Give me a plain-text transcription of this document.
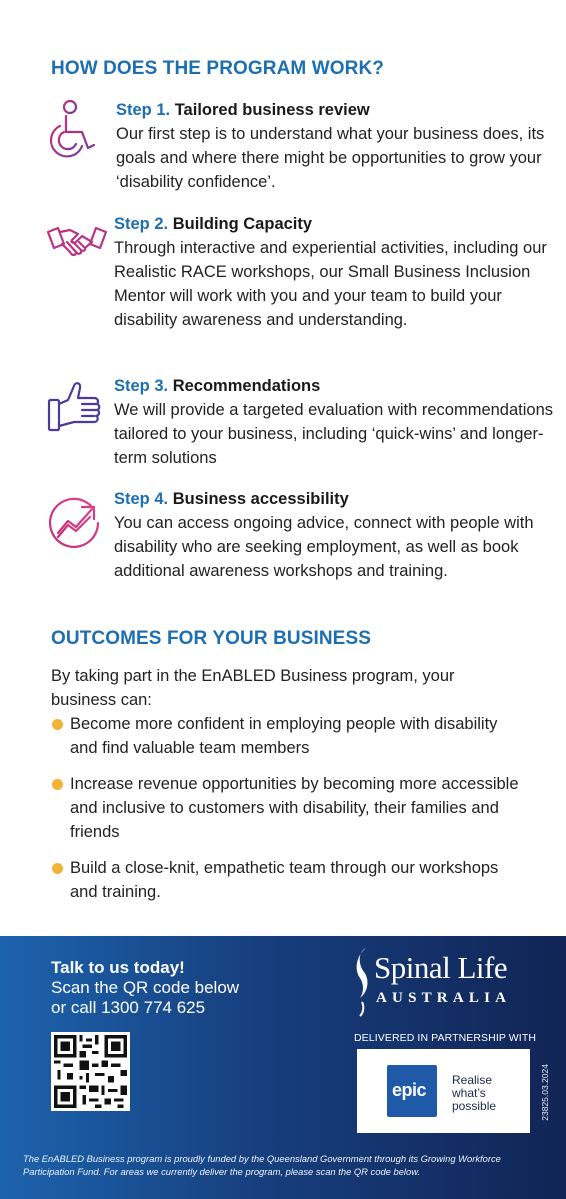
HOW DOES THE PROGRAM WORK?
Step 1. Tailored business review
Our first step is to understand what your business does, its goals and where there might be opportunities to grow your ‘disability confidence’.
Step 2. Building Capacity
Through interactive and experiential activities, including our Realistic RACE workshops, our Small Business Inclusion Mentor will work with you and your team to build your disability awareness and understanding.
Step 3. Recommendations
We will provide a targeted evaluation with recommendations tailored to your business, including ‘quick-wins’ and longer-term solutions
Step 4. Business accessibility
You can access ongoing advice, connect with people with disability who are seeking employment, as well as book additional awareness workshops and training.
OUTCOMES FOR YOUR BUSINESS

By taking part in the EnABLED Business program, your business can:

Become more confident in employing people with disability and find valuable team members
Increase revenue opportunities by becoming more accessible and inclusive to customers with disability, their families and friends
Build a close-knit, empathetic team through our workshops and training.
Talk to us today!
Scan the QR code below
or call 1300 774 625
Spinal Life
AUSTRALIA
DELIVERED IN PARTNERSHIP WITH
epic Realise
what’s
possible	23825.03.2024

The EnABLED Business program is proudly funded by the Queensland Government through its Growing Workforce Participation Fund. For areas we currently deliver the program, please scan the QR code below.
